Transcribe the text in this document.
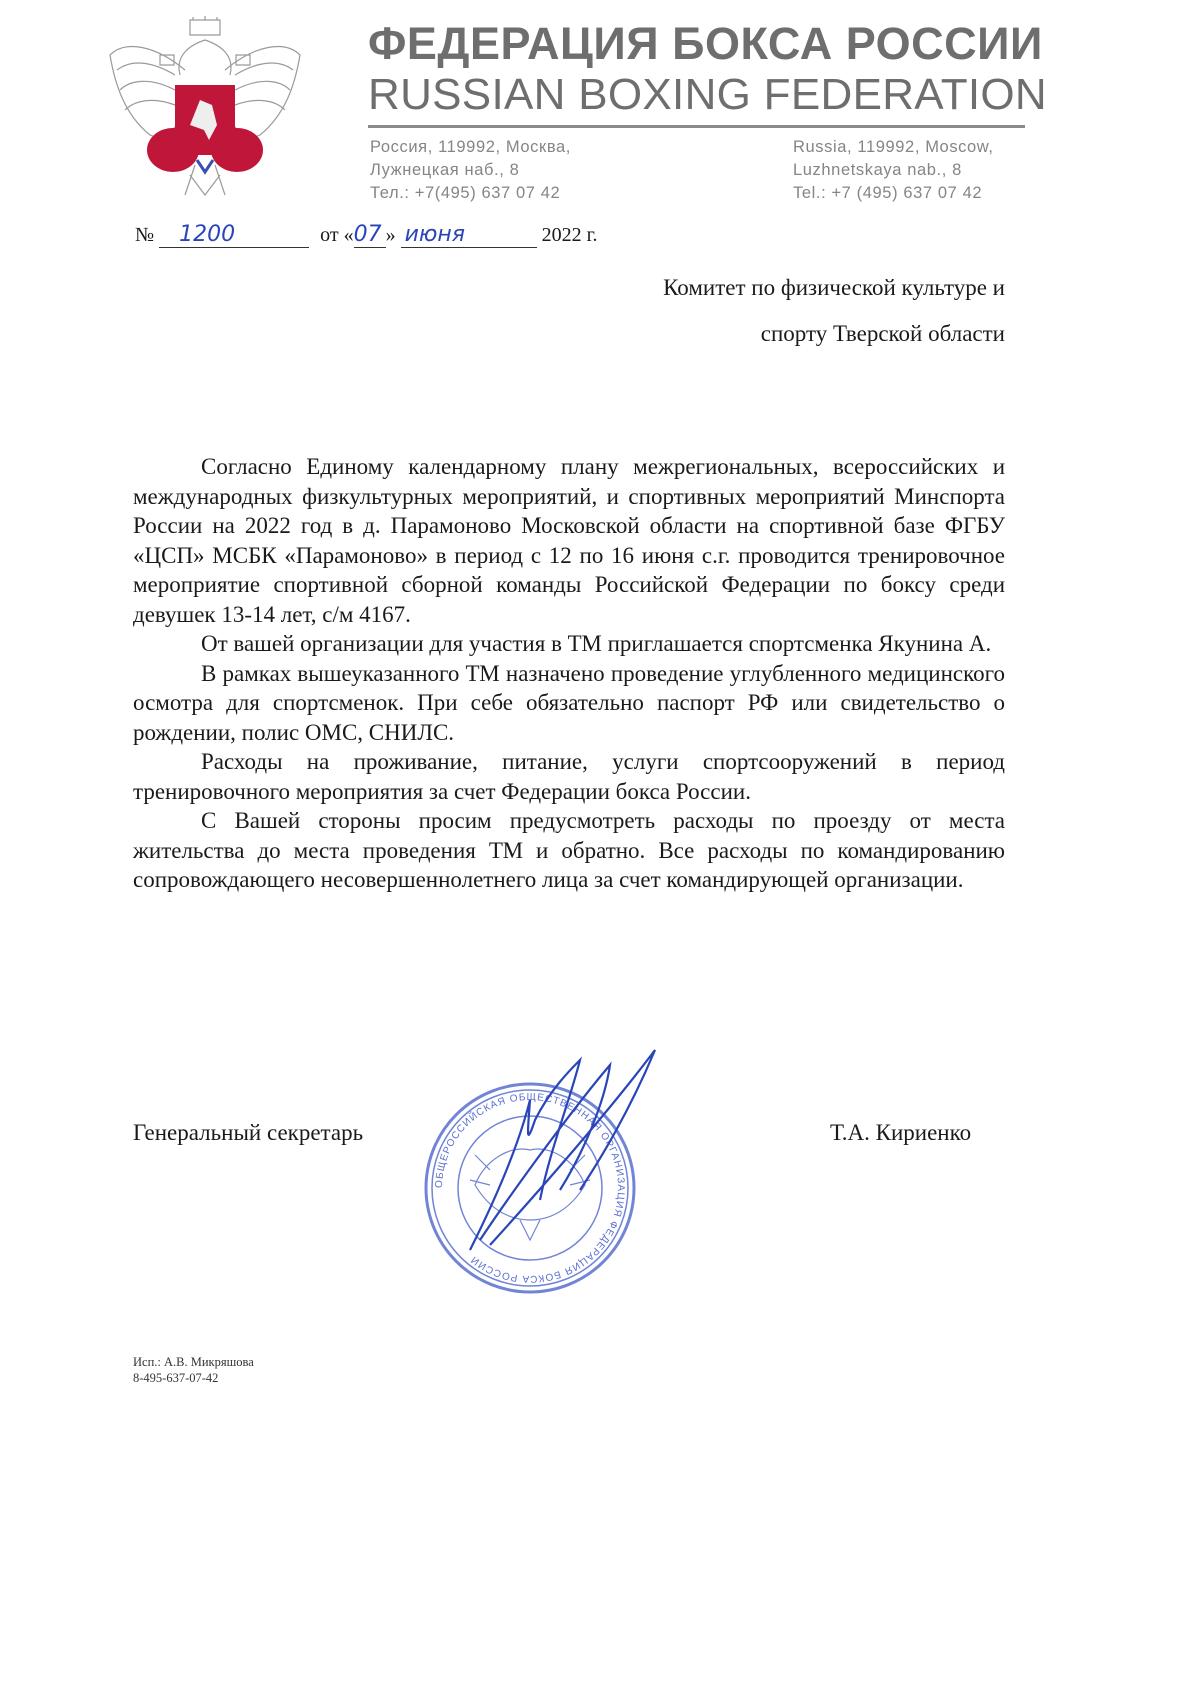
ФЕДЕРАЦИЯ БОКСА РОССИИ
RUSSIAN BOXING FEDERATION
Россия, 119992, Москва,
Лужнецкая наб., 8
Тел.: +7(495) 637 07 42
Russia, 119992, Moscow,
Luzhnetskaya nab., 8
Tel.: +7 (495) 637 07 42
№ 1200	от «07 » июня	2022 г.
Комитет по физической культуре и
спорту Тверской области

Согласно Единому календарному плану межрегиональных, всероссийских и международных физкультурных мероприятий, и спортивных мероприятий Минспорта России на 2022 год в д. Парамоново Московской области на спортивной базе ФГБУ «ЦСП» МСБК «Парамоново» в период с 12 по 16 июня с.г. проводится тренировочное мероприятие спортивной сборной команды Российской Федерации по боксу среди девушек 13-14 лет, с/м 4167.

От вашей организации для участия в ТМ приглашается спортсменка Якунина А.

В рамках вышеуказанного ТМ назначено проведение углубленного медицинского осмотра для спортсменок. При себе обязательно паспорт РФ или свидетельство о рождении, полис ОМС, СНИЛС.

Расходы на проживание, питание, услуги спортсооружений в период тренировочного мероприятия за счет Федерации бокса России.

С Вашей стороны просим предусмотреть расходы по проезду от места жительства до места проведения ТМ и обратно. Все расходы по командированию сопровождающего несовершеннолетнего лица за счет командирующей организации.

Генеральный секретарь	Т.А. Кириенко
ОБЩЕРОССИЙСКАЯ ОБЩЕСТВЕННАЯ ОРГАНИЗАЦИЯ ФЕДЕРАЦИЯ БОКСА РОССИИ
Исп.: А.В. Микряшова
8-495-637-07-42
